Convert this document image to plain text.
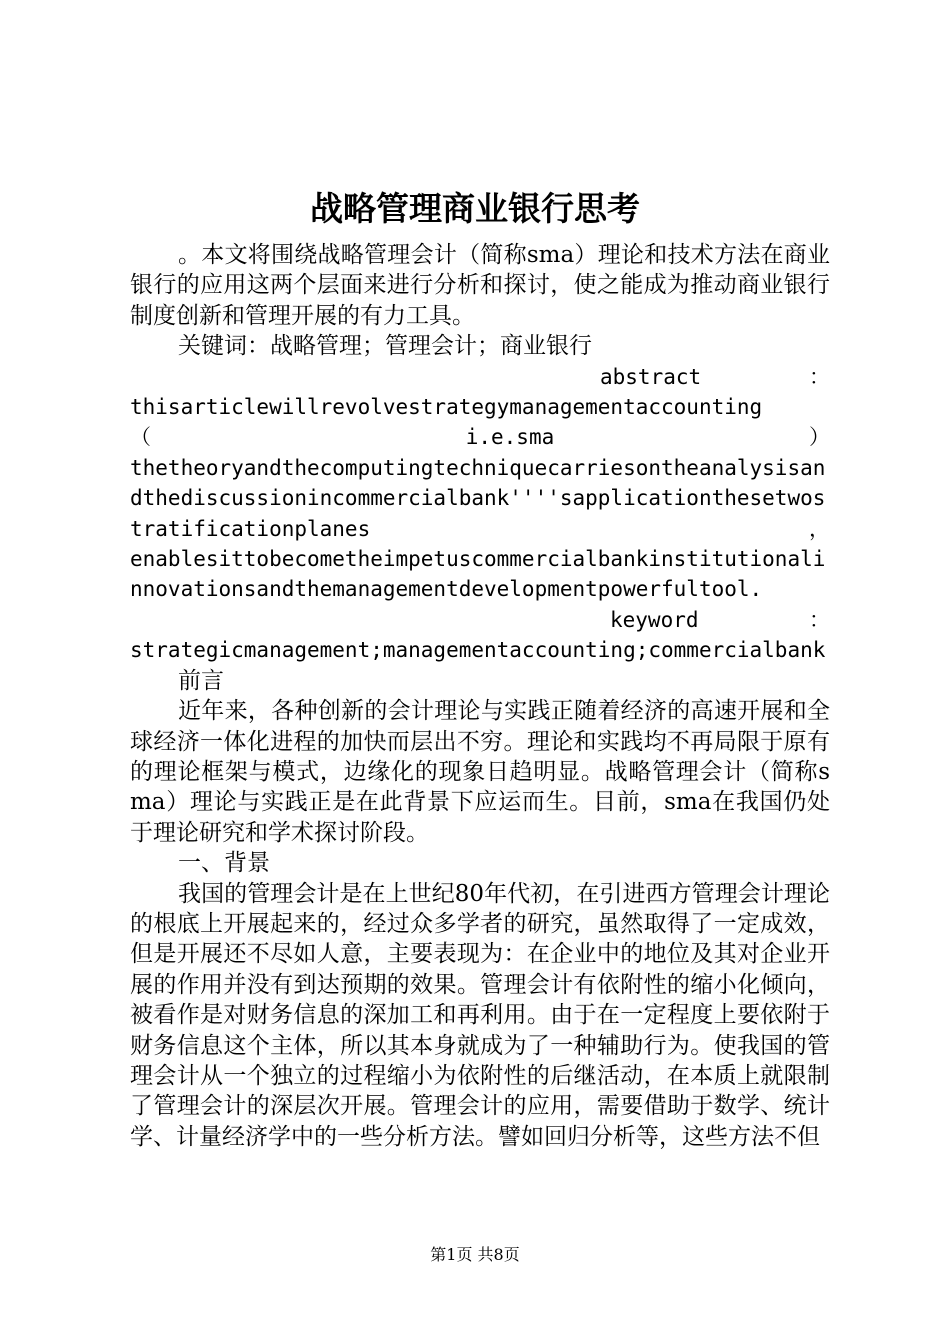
战略管理商业银行思考

。本文将围绕战略管理会计（简称sma）理论和技术方法在商业银行的应用这两个层面来进行分析和探讨，使之能成为推动商业银行制度创新和管理开展的有力工具。

关键词：战略管理；管理会计；商业银行

abstract	：
thisarticlewillrevolvestrategymanagementaccounting
（	i.e.sma	）
thetheoryandthecomputingtechniquecarriesontheanalysisandthediscussionincommercialbank''''sapplicationthesetwostratificationplanes	，
enablesittobecometheimpetuscommercialbankinstitutionalinnovationsandthemanagementdevelopmentpowerfultool.
keyword	：
strategicmanagement;managementaccounting;commercialbank

前言

近年来，各种创新的会计理论与实践正随着经济的高速开展和全球经济一体化进程的加快而层出不穷。理论和实践均不再局限于原有的理论框架与模式，边缘化的现象日趋明显。战略管理会计（简称sma）理论与实践正是在此背景下应运而生。目前，sma在我国仍处于理论研究和学术探讨阶段。

一、背景

我国的管理会计是在上世纪80年代初，在引进西方管理会计理论的根底上开展起来的，经过众多学者的研究，虽然取得了一定成效，但是开展还不尽如人意，主要表现为：在企业中的地位及其对企业开展的作用并没有到达预期的效果。管理会计有依附性的缩小化倾向，被看作是对财务信息的深加工和再利用。由于在一定程度上要依附于财务信息这个主体，所以其本身就成为了一种辅助行为。使我国的管理会计从一个独立的过程缩小为依附性的后继活动，在本质上就限制了管理会计的深层次开展。管理会计的应用，需要借助于数学、统计学、计量经济学中的一些分析方法。譬如回归分析等，这些方法不但

第1页 共8页
